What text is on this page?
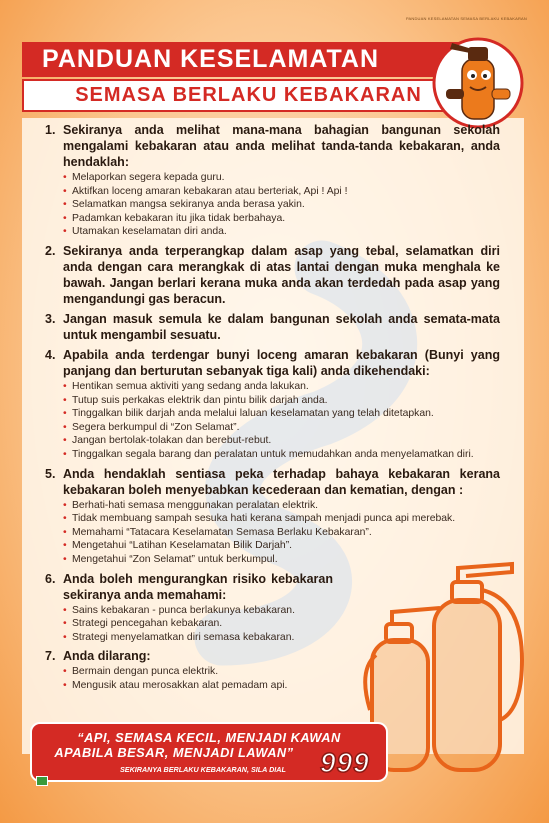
PANDUAN KESELAMATAN SEMASA BERLAKU KEBAKARAN
PANDUAN KESELAMATAN
SEMASA BERLAKU KEBAKARAN
1. Sekiranya anda melihat mana-mana bahagian bangunan sekolah mengalami kebakaran atau anda melihat tanda-tanda kebakaran, anda hendaklah:
• Melaporkan segera kepada guru.
• Aktifkan loceng amaran kebakaran atau berteriak, Api ! Api !
• Selamatkan mangsa sekiranya anda berasa yakin.
• Padamkan kebakaran itu jika tidak berbahaya.
• Utamakan keselamatan diri anda.
2. Sekiranya anda terperangkap dalam asap yang tebal, selamatkan diri anda dengan cara merangkak di atas lantai dengan muka menghala ke bawah. Jangan berlari kerana muka anda akan terdedah pada asap yang mengandungi gas beracun.
3. Jangan masuk semula ke dalam bangunan sekolah anda semata-mata untuk mengambil sesuatu.
4. Apabila anda terdengar bunyi loceng amaran kebakaran (Bunyi yang panjang dan berturutan sebanyak tiga kali) anda dikehendaki:
• Hentikan semua aktiviti yang sedang anda lakukan.
• Tutup suis perkakas elektrik dan pintu bilik darjah anda.
• Tinggalkan bilik darjah anda melalui laluan keselamatan yang telah ditetapkan.
• Segera berkumpul di “Zon Selamat”.
• Jangan bertolak-tolakan dan berebut-rebut.
• Tinggalkan segala barang dan peralatan untuk memudahkan anda menyelamatkan diri.
5. Anda hendaklah sentiasa peka terhadap bahaya kebakaran kerana kebakaran boleh menyebabkan kecederaan dan kematian, dengan :
• Berhati-hati semasa menggunakan peralatan elektrik.
• Tidak membuang sampah sesuka hati kerana sampah menjadi punca api merebak.
• Memahami “Tatacara Keselamatan Semasa Berlaku Kebakaran”.
• Mengetahui “Latihan Keselamatan Bilik Darjah”.
• Mengetahui “Zon Selamat” untuk berkumpul.
6. Anda boleh mengurangkan risiko kebakaran sekiranya anda memahami:
• Sains kebakaran - punca berlakunya kebakaran.
• Strategi pencegahan kebakaran.
• Strategi menyelamatkan diri semasa kebakaran.
7. Anda dilarang:
• Bermain dengan punca elektrik.
• Mengusik atau merosakkan alat pemadam api.
“API, SEMASA KECIL, MENJADI KAWAN
APABILA BESAR, MENJADI LAWAN”
SEKIRANYA BERLAKU KEBAKARAN, SILA DIAL 999
